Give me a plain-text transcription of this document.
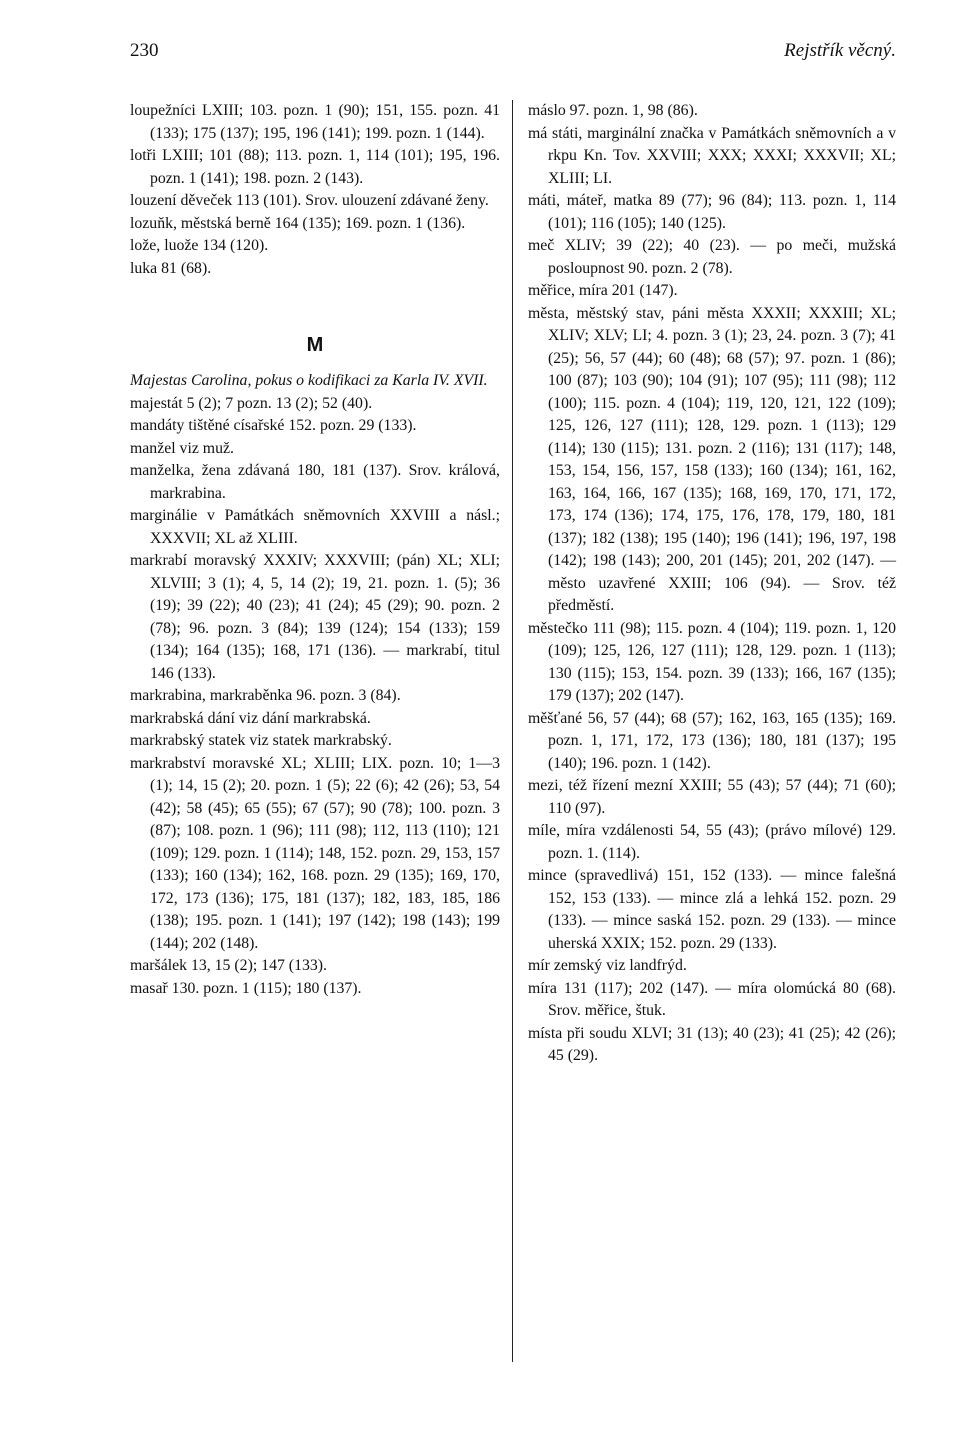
230	Rejstřík věcný.
loupežníci LXIII; 103. pozn. 1 (90); 151, 155. pozn. 41 (133); 175 (137); 195, 196 (141); 199. pozn. 1 (144).
lotři LXIII; 101 (88); 113. pozn. 1, 114 (101); 195, 196. pozn. 1 (141); 198. pozn. 2 (143).
louzení děveček 113 (101). Srov. ulouzení zdávané ženy.
lozuňk, městská berně 164 (135); 169. pozn. 1 (136).
lože, luože 134 (120).
luka 81 (68).
M
Majestas Carolina, pokus o kodifikaci za Karla IV. XVII.
majestát 5 (2); 7 pozn. 13 (2); 52 (40).
mandáty tištěné císařské 152. pozn. 29 (133).
manžel viz muž.
manželka, žena zdávaná 180, 181 (137). Srov. králová, markrabina.
marginálie v Památkách sněmovních XXVIII a násl.; XXXVII; XL až XLIII.
markrabí moravský XXXIV; XXXVIII; (pán) XL; XLI; XLVIII; 3 (1); 4, 5, 14 (2); 19, 21. pozn. 1. (5); 36 (19); 39 (22); 40 (23); 41 (24); 45 (29); 90. pozn. 2 (78); 96. pozn. 3 (84); 139 (124); 154 (133); 159 (134); 164 (135); 168, 171 (136). — markrabí, titul 146 (133).
markrabina, markraběnka 96. pozn. 3 (84).
markrabská dání viz dání markrabská.
markrabský statek viz statek markrabský.
markrabství moravské XL; XLIII; LIX. pozn. 10; 1—3 (1); 14, 15 (2); 20. pozn. 1 (5); 22 (6); 42 (26); 53, 54 (42); 58 (45); 65 (55); 67 (57); 90 (78); 100. pozn. 3 (87); 108. pozn. 1 (96); 111 (98); 112, 113 (110); 121 (109); 129. pozn. 1 (114); 148, 152. pozn. 29, 153, 157 (133); 160 (134); 162, 168. pozn. 29 (135); 169, 170, 172, 173 (136); 175, 181 (137); 182, 183, 185, 186 (138); 195. pozn. 1 (141); 197 (142); 198 (143); 199 (144); 202 (148).
maršálek 13, 15 (2); 147 (133).
masař 130. pozn. 1 (115); 180 (137).
máslo 97. pozn. 1, 98 (86).
má státi, marginální značka v Památkách sněmovních a v rkpu Kn. Tov. XXVIII; XXX; XXXI; XXXVII; XL; XLIII; LI.
máti, máteř, matka 89 (77); 96 (84); 113. pozn. 1, 114 (101); 116 (105); 140 (125).
meč XLIV; 39 (22); 40 (23). — po meči, mužská posloupnost 90. pozn. 2 (78).
měřice, míra 201 (147).
města, městský stav, páni města XXXII; XXXIII; XL; XLIV; XLV; LI; 4. pozn. 3 (1); 23, 24. pozn. 3 (7); 41 (25); 56, 57 (44); 60 (48); 68 (57); 97. pozn. 1 (86); 100 (87); 103 (90); 104 (91); 107 (95); 111 (98); 112 (100); 115. pozn. 4 (104); 119, 120, 121, 122 (109); 125, 126, 127 (111); 128, 129. pozn. 1 (113); 129 (114); 130 (115); 131. pozn. 2 (116); 131 (117); 148, 153, 154, 156, 157, 158 (133); 160 (134); 161, 162, 163, 164, 166, 167 (135); 168, 169, 170, 171, 172, 173, 174 (136); 174, 175, 176, 178, 179, 180, 181 (137); 182 (138); 195 (140); 196 (141); 196, 197, 198 (142); 198 (143); 200, 201 (145); 201, 202 (147). — město uzavřené XXIII; 106 (94). — Srov. též předměstí.
městečko 111 (98); 115. pozn. 4 (104); 119. pozn. 1, 120 (109); 125, 126, 127 (111); 128, 129. pozn. 1 (113); 130 (115); 153, 154. pozn. 39 (133); 166, 167 (135); 179 (137); 202 (147).
měšťané 56, 57 (44); 68 (57); 162, 163, 165 (135); 169. pozn. 1, 171, 172, 173 (136); 180, 181 (137); 195 (140); 196. pozn. 1 (142).
mezi, též řízení mezní XXIII; 55 (43); 57 (44); 71 (60); 110 (97).
míle, míra vzdálenosti 54, 55 (43); (právo mílové) 129. pozn. 1. (114).
mince (spravedlivá) 151, 152 (133). — mince falešná 152, 153 (133). — mince zlá a lehká 152. pozn. 29 (133). — mince saská 152. pozn. 29 (133). — mince uherská XXIX; 152. pozn. 29 (133).
mír zemský viz landfrýd.
míra 131 (117); 202 (147). — míra olomúcká 80 (68). Srov. měřice, štuk.
místa při soudu XLVI; 31 (13); 40 (23); 41 (25); 42 (26); 45 (29).
